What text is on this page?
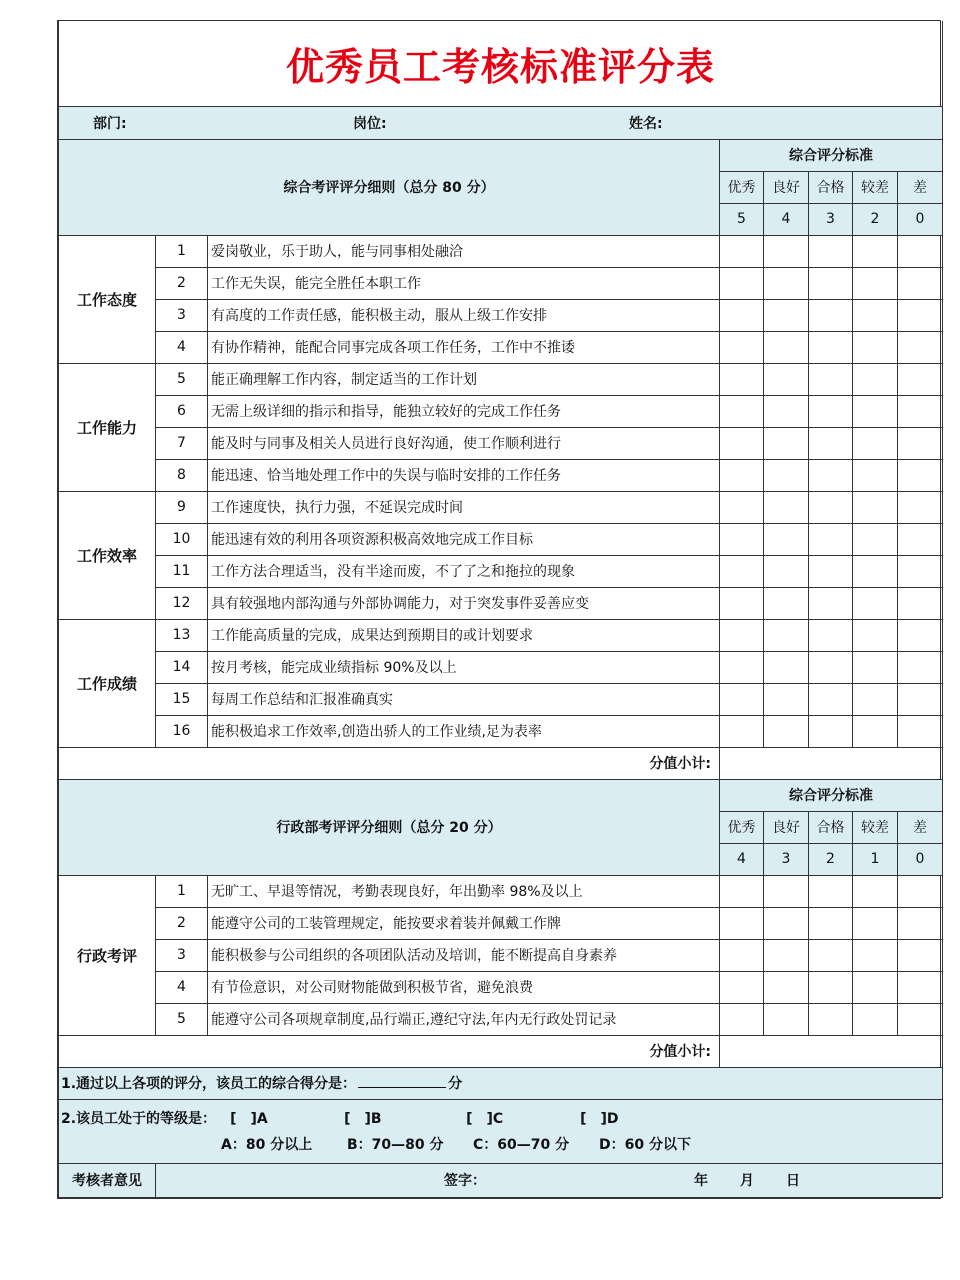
优秀员工考核标准评分表							

部门: 岗位: 姓名:							

综合考评评分细则（总分 80 分）			综合评分标准				
			优秀	良好	合格	较差	差
			5	4	3	2	0
工作态度	1	爱岗敬业，乐于助人，能与同事相处融洽					
	2	工作无失误，能完全胜任本职工作					
	3	有高度的工作责任感，能积极主动，服从上级工作安排					
	4	有协作精神，能配合同事完成各项工作任务，工作中不推诿					
工作能力	5	能正确理解工作内容，制定适当的工作计划					
	6	无需上级详细的指示和指导，能独立较好的完成工作任务					
	7	能及时与同事及相关人员进行良好沟通，使工作顺利进行					
	8	能迅速、恰当地处理工作中的失误与临时安排的工作任务					
工作效率	9	工作速度快，执行力强，不延误完成时间					
	10	能迅速有效的利用各项资源积极高效地完成工作目标					
	11	工作方法合理适当，没有半途而废，不了了之和拖拉的现象					
	12	具有较强地内部沟通与外部协调能力，对于突发事件妥善应变					
工作成绩	13	工作能高质量的完成，成果达到预期目的或计划要求					
	14	按月考核，能完成业绩指标 90%及以上					
	15	每周工作总结和汇报准确真实					
	16	能积极追求工作效率,创造出骄人的工作业绩,足为表率					
分值小计:							
行政部考评评分细则（总分 20 分）			综合评分标准				
			优秀	良好	合格	较差	差
			4	3	2	1	0
行政考评	1	无旷工、早退等情况，考勤表现良好，年出勤率 98%及以上					
	2	能遵守公司的工装管理规定，能按要求着装并佩戴工作牌					
	3	能积极参与公司组织的各项团队活动及培训，能不断提高自身素养					
	4	有节俭意识，对公司财物能做到积极节省，避免浪费					
	5	能遵守公司各项规章制度,品行端正,遵纪守法,年内无行政处罚记录					
分值小计:							
1.通过以上各项的评分，该员工的综合得分是： 分							

2.该员工处于的等级是： [　]A	[　]B	[　]C	[　]D
A：80 分以上	B：70—80 分	C：60—70 分	D：60 分以下

考核者意见	签字： 年 月 日						
